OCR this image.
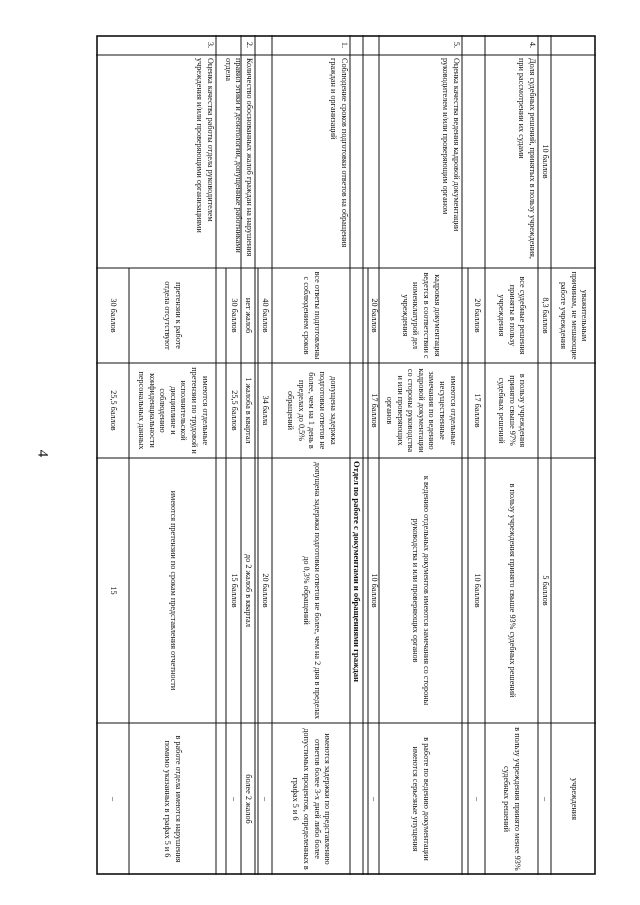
4
уважительным причинам, не мешающие работе учреждения
учреждения
10 баллов
8,3 баллов
5 баллов
–
4.
Доля судебных решений, принятых в пользу учреждения, при рассмотрении их судами
все судебные решения приняты в пользу учреждения
в пользу учреждения принято свыше 97% судебных решений
в пользу учреждения принято свыше 93% судебных решений
в пользу учреждения принято менее 93% судебных решений
20 баллов
17 баллов
10 баллов
–
5.
Оценка качества ведения кадровой документации руководителем и/или проверяющим органом
кадровая документация ведется в соответствии с номенклатурой дел учреждения
имеются отдельные несущественные замечания по ведению кадровой документации со стороны руководства и или проверяющих органов
к ведению отдельных документов имеются замечания со стороны руководства и или проверяющих органов
в работе по ведению документации имеются серьезные упущения
20 баллов
17 баллов
10 баллов
–
Отдел по работе с документами и обращениями граждан
1.
Соблюдение сроков подготовки ответов на обращения граждан и организаций
все ответы подготовлены с соблюдением сроков
допущена задержка подготовки ответов не более, чем на 1 день в пределах до 0,5% обращений
допущена задержка подготовки ответов не более, чем на 2 дня в пределах до 0,3% обращений
имеются задержки по представлению ответов более 3-х дней либо более допустимых процентов, определенных в графах 5 и 6
40 баллов
34 балла
20 баллов
–
2.
Количество обоснованных жалоб граждан на нарушения правил этики и деонтологии, допущенные работниками отдела
нет жалоб
1 жалоба в квартал
до 2 жалоб в квартал
более 2 жалоб
30 баллов
25,5 баллов
15 баллов
–
3.
Оценка качества работы отдела руководителем учреждения и/или проверяющими организациями
претензии к работе отдела отсутствуют
имеются отдельные претензии по трудовой и исполнительской дисциплине и соблюдению конфиденциальности персональных данных
имеются претензии по срокам представления отчетности
в работе отдела имеются нарушения помимо указанных в графах 5 и 6
30 баллов
25,5 баллов
15
–
